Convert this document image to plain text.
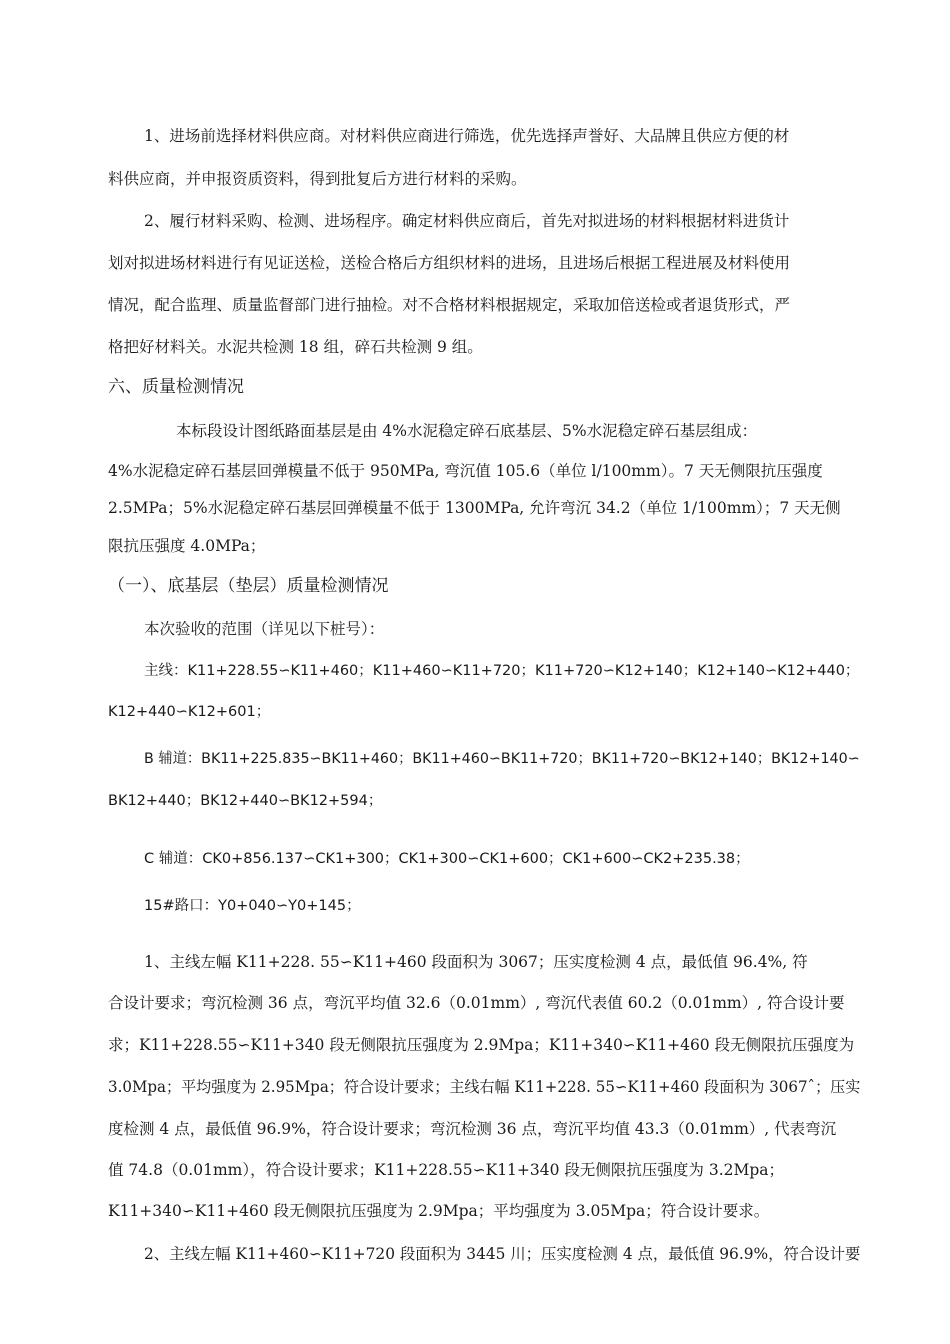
1、进场前选择材料供应商。对材料供应商进行筛选，优先选择声誉好、大品牌且供应方便的材
料供应商，并申报资质资料，得到批复后方进行材料的采购。
2、履行材料采购、检测、进场程序。确定材料供应商后，首先对拟进场的材料根据材料进货计
划对拟进场材料进行有见证送检，送检合格后方组织材料的进场，且进场后根据工程进展及材料使用
情况，配合监理、质量监督部门进行抽检。对不合格材料根据规定，采取加倍送检或者退货形式，严
格把好材料关。水泥共检测 18 组，碎石共检测 9 组。
六、质量检测情况
本标段设计图纸路面基层是由 4%水泥稳定碎石底基层、5%水泥稳定碎石基层组成：
4%水泥稳定碎石基层回弹模量不低于 950MPa, 弯沉值 105.6（单位 l/100mm）。7 天无侧限抗压强度
2.5MPa；5%水泥稳定碎石基层回弹模量不低于 1300MPa, 允许弯沉 34.2（单位 1/100mm）；7 天无侧
限抗压强度 4.0MPa；
（一）、底基层（垫层）质量检测情况
本次验收的范围（详见以下桩号）：
主线：K11+228.55∽K11+460；K11+460∽K11+720；K11+720∽K12+140；K12+140∽K12+440；
K12+440∽K12+601；
B 辅道：BK11+225.835∽BK11+460；BK11+460∽BK11+720；BK11+720∽BK12+140；BK12+140∽
BK12+440；BK12+440∽BK12+594；
C 辅道：CK0+856.137∽CK1+300；CK1+300∽CK1+600；CK1+600∽CK2+235.38；
15#路口：Y0+040∽Y0+145；
1、主线左幅 K11+228. 55∽K11+460 段面积为 3067；压实度检测 4 点，最低值 96.4%, 符
合设计要求；弯沉检测 36 点，弯沉平均值 32.6（0.01mm）, 弯沉代表值 60.2（0.01mm）, 符合设计要
求；K11+228.55∽K11+340 段无侧限抗压强度为 2.9Mpa；K11+340∽K11+460 段无侧限抗压强度为
3.0Mpa；平均强度为 2.95Mpa；符合设计要求；主线右幅 K11+228. 55∽K11+460 段面积为 3067ˆ；压实
度检测 4 点，最低值 96.9%，符合设计要求；弯沉检测 36 点，弯沉平均值 43.3（0.01mm）, 代表弯沉
值 74.8（0.01mm），符合设计要求；K11+228.55∽K11+340 段无侧限抗压强度为 3.2Mpa；
K11+340∽K11+460 段无侧限抗压强度为 2.9Mpa；平均强度为 3.05Mpa；符合设计要求。
2、主线左幅 K11+460∽K11+720 段面积为 3445 川；压实度检测 4 点，最低值 96.9%，符合设计要
